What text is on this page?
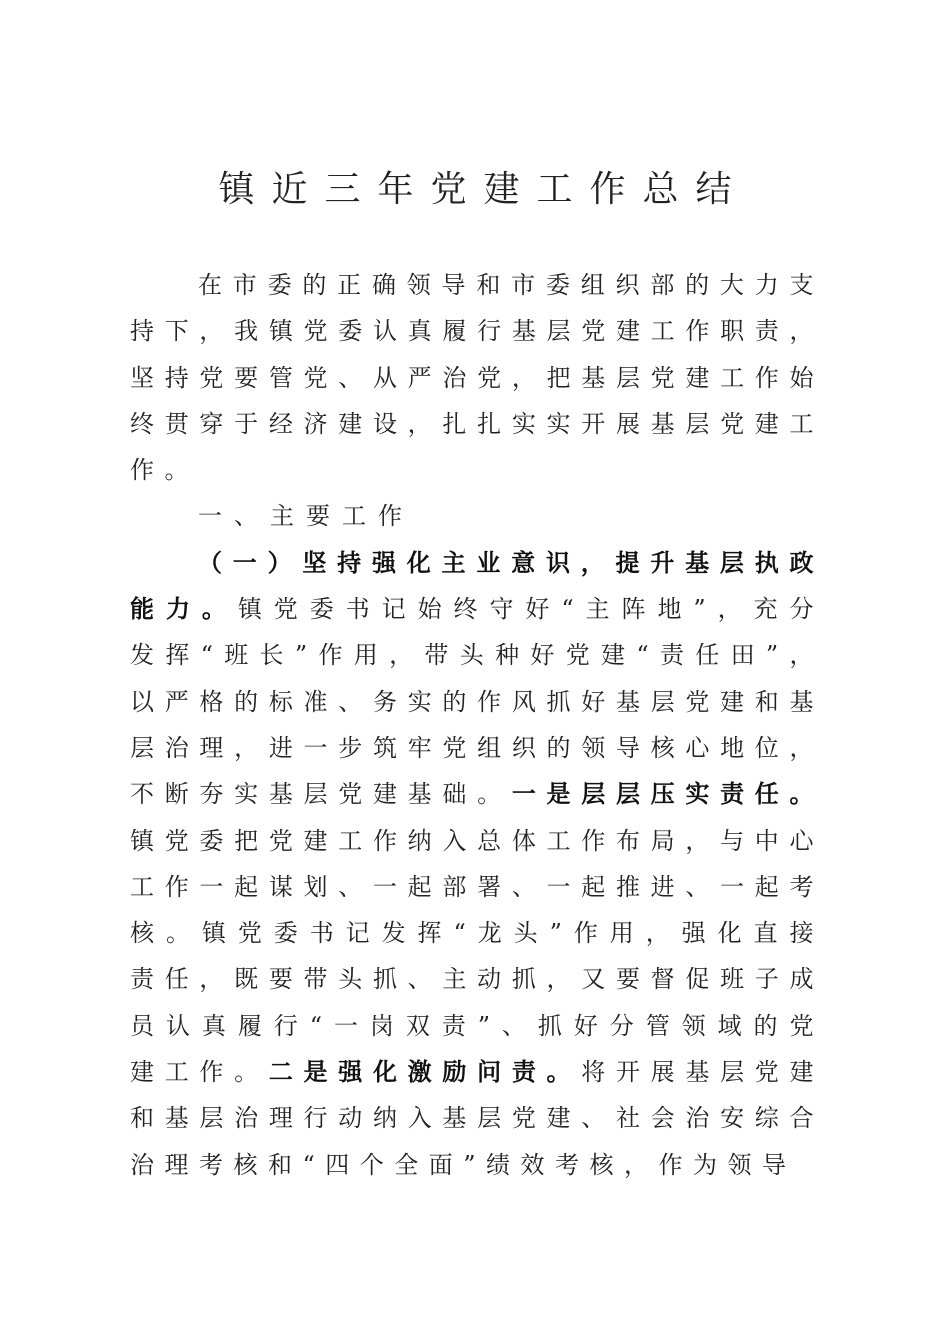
镇近三年党建工作总结

在市委的正确领导和市委组织部的大力支持下，我镇党委认真履行基层党建工作职责，坚持党要管党、从严治党，把基层党建工作始终贯穿于经济建设，扎扎实实开展基层党建工作。

一、主要工作

（一）坚持强化主业意识，提升基层执政能力。镇党委书记始终守好“主阵地”，充分发挥“班长”作用，带头种好党建“责任田”，以严格的标准、务实的作风抓好基层党建和基层治理，进一步筑牢党组织的领导核心地位，不断夯实基层党建基础。一是层层压实责任。镇党委把党建工作纳入总体工作布局，与中心工作一起谋划、一起部署、一起推进、一起考核。镇党委书记发挥“龙头”作用，强化直接责任，既要带头抓、主动抓，又要督促班子成员认真履行“一岗双责”、抓好分管领域的党建工作。二是强化激励问责。将开展基层党建和基层治理行动纳入基层党建、社会治安综合治理考核和“四个全面”绩效考核，作为领导
